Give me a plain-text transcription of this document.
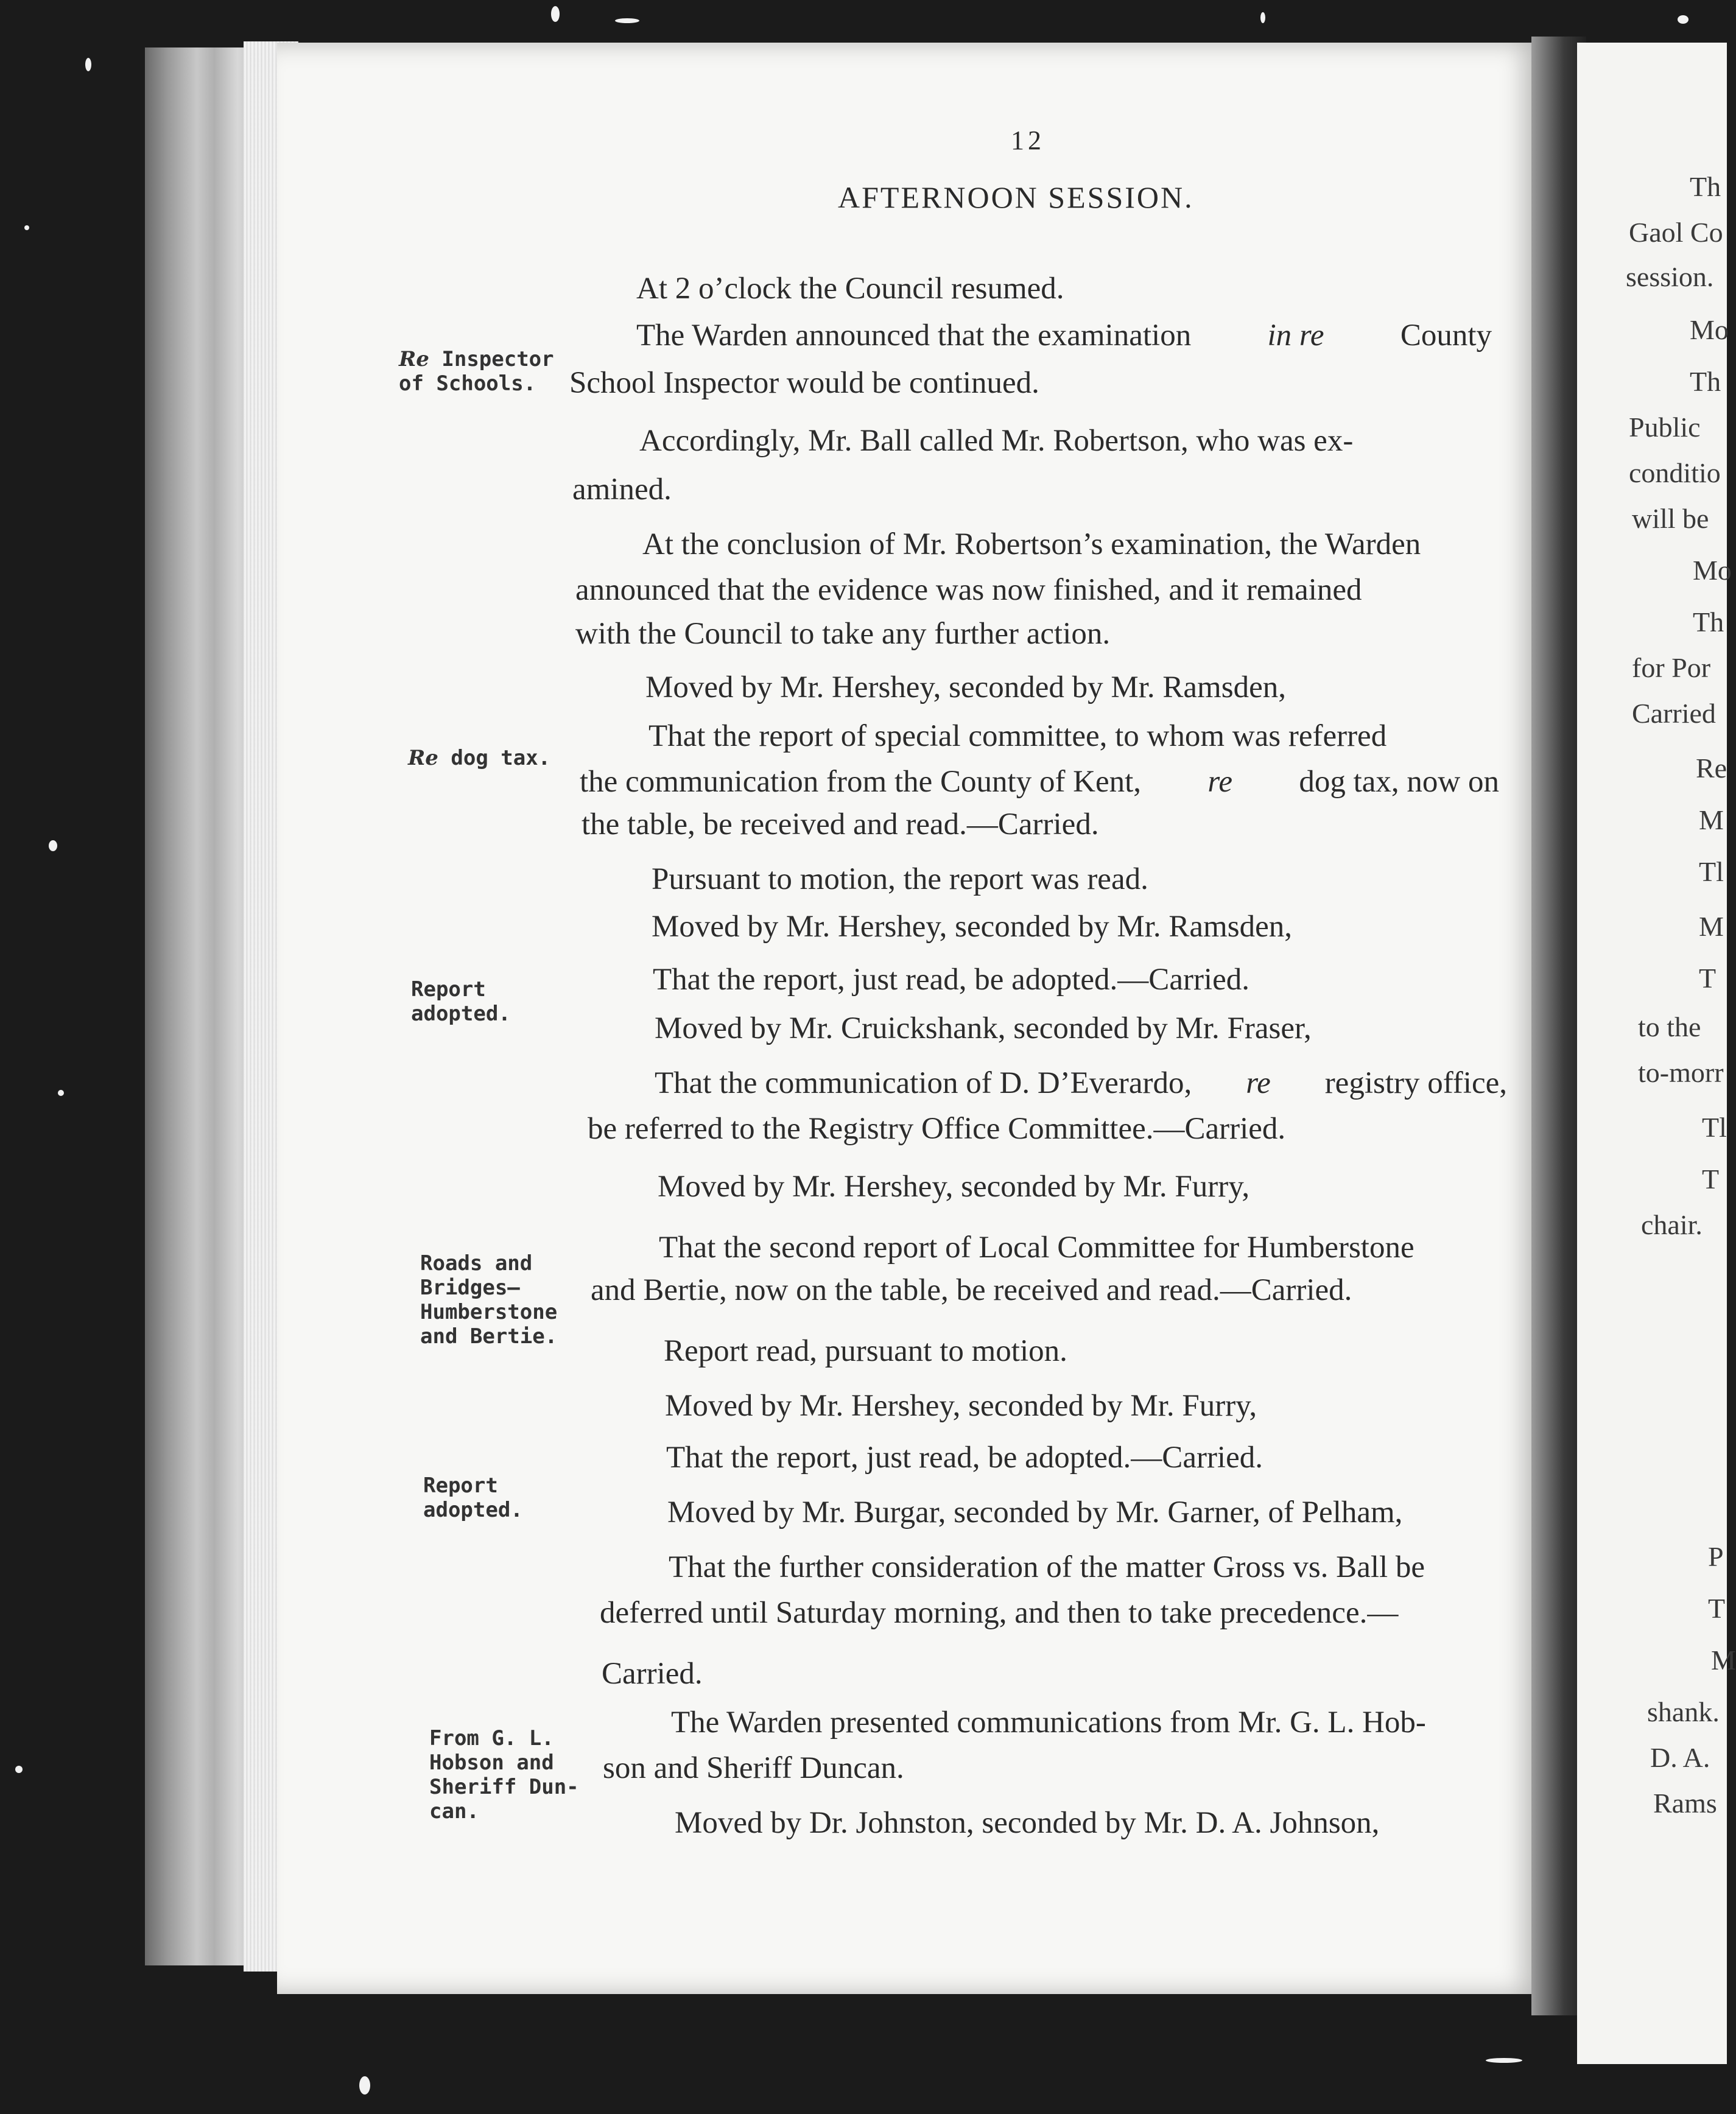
12
AFTERNOON SESSION.
At 2 o’clock the Council resumed.
The Warden announced that the examination in re County
School Inspector would be continued.
Accordingly, Mr. Ball called Mr. Robertson, who was ex-
amined.
At the conclusion of Mr. Robertson’s examination, the Warden
announced that the evidence was now finished, and it remained
with the Council to take any further action.
Moved by Mr. Hershey, seconded by Mr. Ramsden,
That the report of special committee, to whom was referred
the communication from the County of Kent, re dog tax, now on
the table, be received and read.—Carried.
Pursuant to motion, the report was read.
Moved by Mr. Hershey, seconded by Mr. Ramsden,
That the report, just read, be adopted.—Carried.
Moved by Mr. Cruickshank, seconded by Mr. Fraser,
That the communication of D. D’Everardo, re registry office,
be referred to the Registry Office Committee.—Carried.
Moved by Mr. Hershey, seconded by Mr. Furry,
That the second report of Local Committee for Humberstone
and Bertie, now on the table, be received and read.—Carried.
Report read, pursuant to motion.
Moved by Mr. Hershey, seconded by Mr. Furry,
That the report, just read, be adopted.—Carried.
Moved by Mr. Burgar, seconded by Mr. Garner, of Pelham,
That the further consideration of the matter Gross vs. Ball be
deferred until Saturday morning, and then to take precedence.—
Carried.
The Warden presented communications from Mr. G. L. Hob-
son and Sheriff Duncan.
Moved by Dr. Johnston, seconded by Mr. D. A. Johnson,
Re Inspector
of Schools.
Re dog tax.
Report
adopted.
Roads and
Bridges—
Humberstone
and Bertie.
Report
adopted.
From G. L.
Hobson and
Sheriff Dun-
can.
Th
Gaol Co
session.
Mo
Th
Public
conditio
will be
Mo
Th
for Por
Carried
Re
M
Tl
M
T
to the
to-morr
Tl
T
chair.
P
T
M
shank.
D. A.
Rams
